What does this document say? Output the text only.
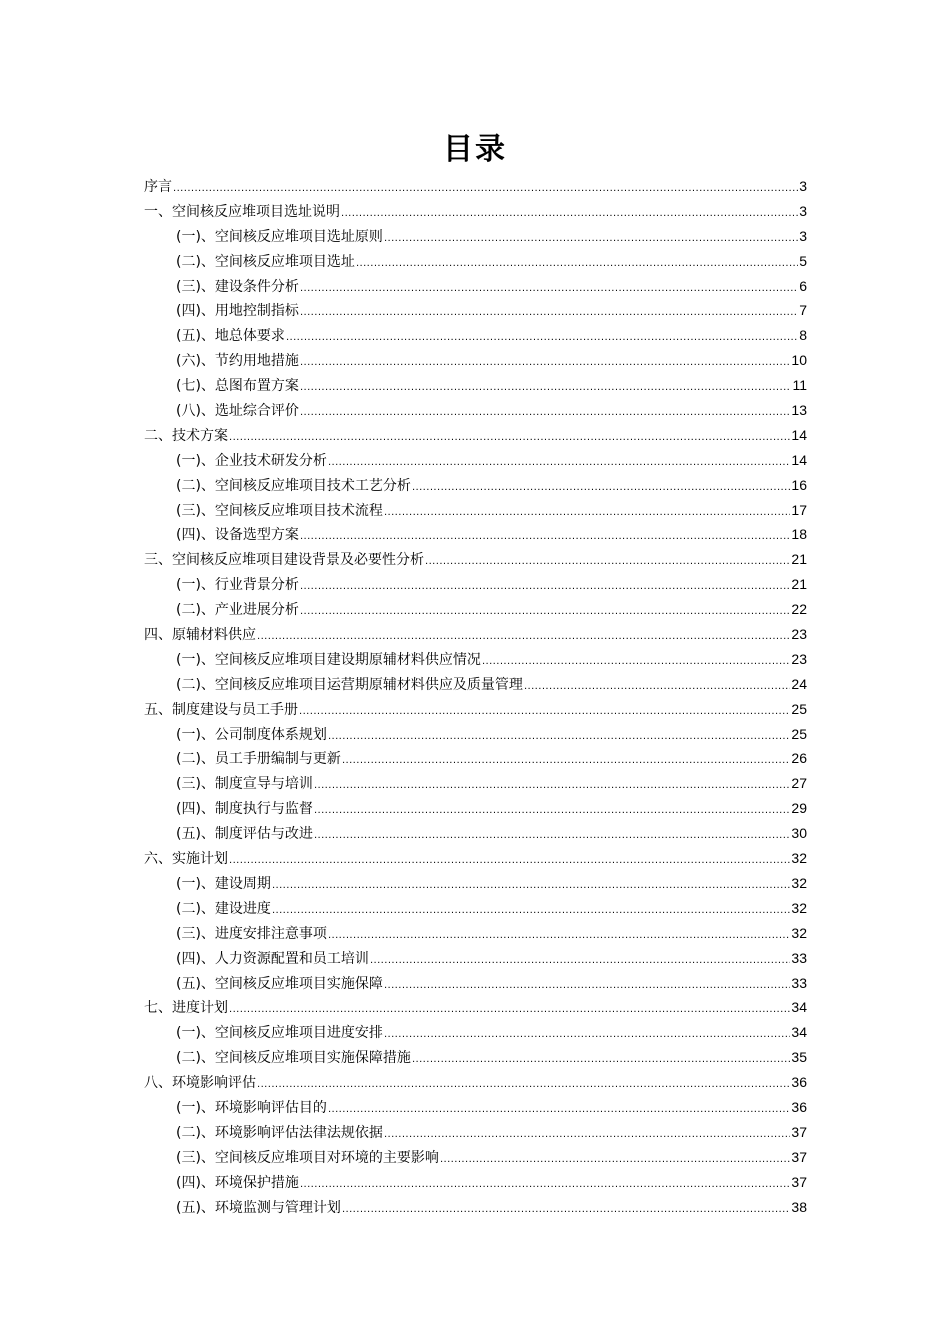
目录
序言 .....	3
一、空间核反应堆项目选址说明 .....	3
(一)、空间核反应堆项目选址原则 .....	3
(二)、空间核反应堆项目选址 .....	5
(三)、建设条件分析 .....	6
(四)、用地控制指标 .....	7
(五)、地总体要求 .....	8
(六)、节约用地措施 .....	10
(七)、总图布置方案 .....	11
(八)、选址综合评价 .....	13
二、技术方案 .....	14
(一)、企业技术研发分析 .....	14
(二)、空间核反应堆项目技术工艺分析 .....	16
(三)、空间核反应堆项目技术流程 .....	17
(四)、设备选型方案 .....	18
三、空间核反应堆项目建设背景及必要性分析 .....	21
(一)、行业背景分析 .....	21
(二)、产业进展分析 .....	22
四、原辅材料供应 .....	23
(一)、空间核反应堆项目建设期原辅材料供应情况 .....	23
(二)、空间核反应堆项目运营期原辅材料供应及质量管理 .....	24
五、制度建设与员工手册 .....	25
(一)、公司制度体系规划 .....	25
(二)、员工手册编制与更新 .....	26
(三)、制度宣导与培训 .....	27
(四)、制度执行与监督 .....	29
(五)、制度评估与改进 .....	30
六、实施计划 .....	32
(一)、建设周期 .....	32
(二)、建设进度 .....	32
(三)、进度安排注意事项 .....	32
(四)、人力资源配置和员工培训 .....	33
(五)、空间核反应堆项目实施保障 .....	33
七、进度计划 .....	34
(一)、空间核反应堆项目进度安排 .....	34
(二)、空间核反应堆项目实施保障措施 .....	35
八、环境影响评估 .....	36
(一)、环境影响评估目的 .....	36
(二)、环境影响评估法律法规依据 .....	37
(三)、空间核反应堆项目对环境的主要影响 .....	37
(四)、环境保护措施 .....	37
(五)、环境监测与管理计划 .....	38
